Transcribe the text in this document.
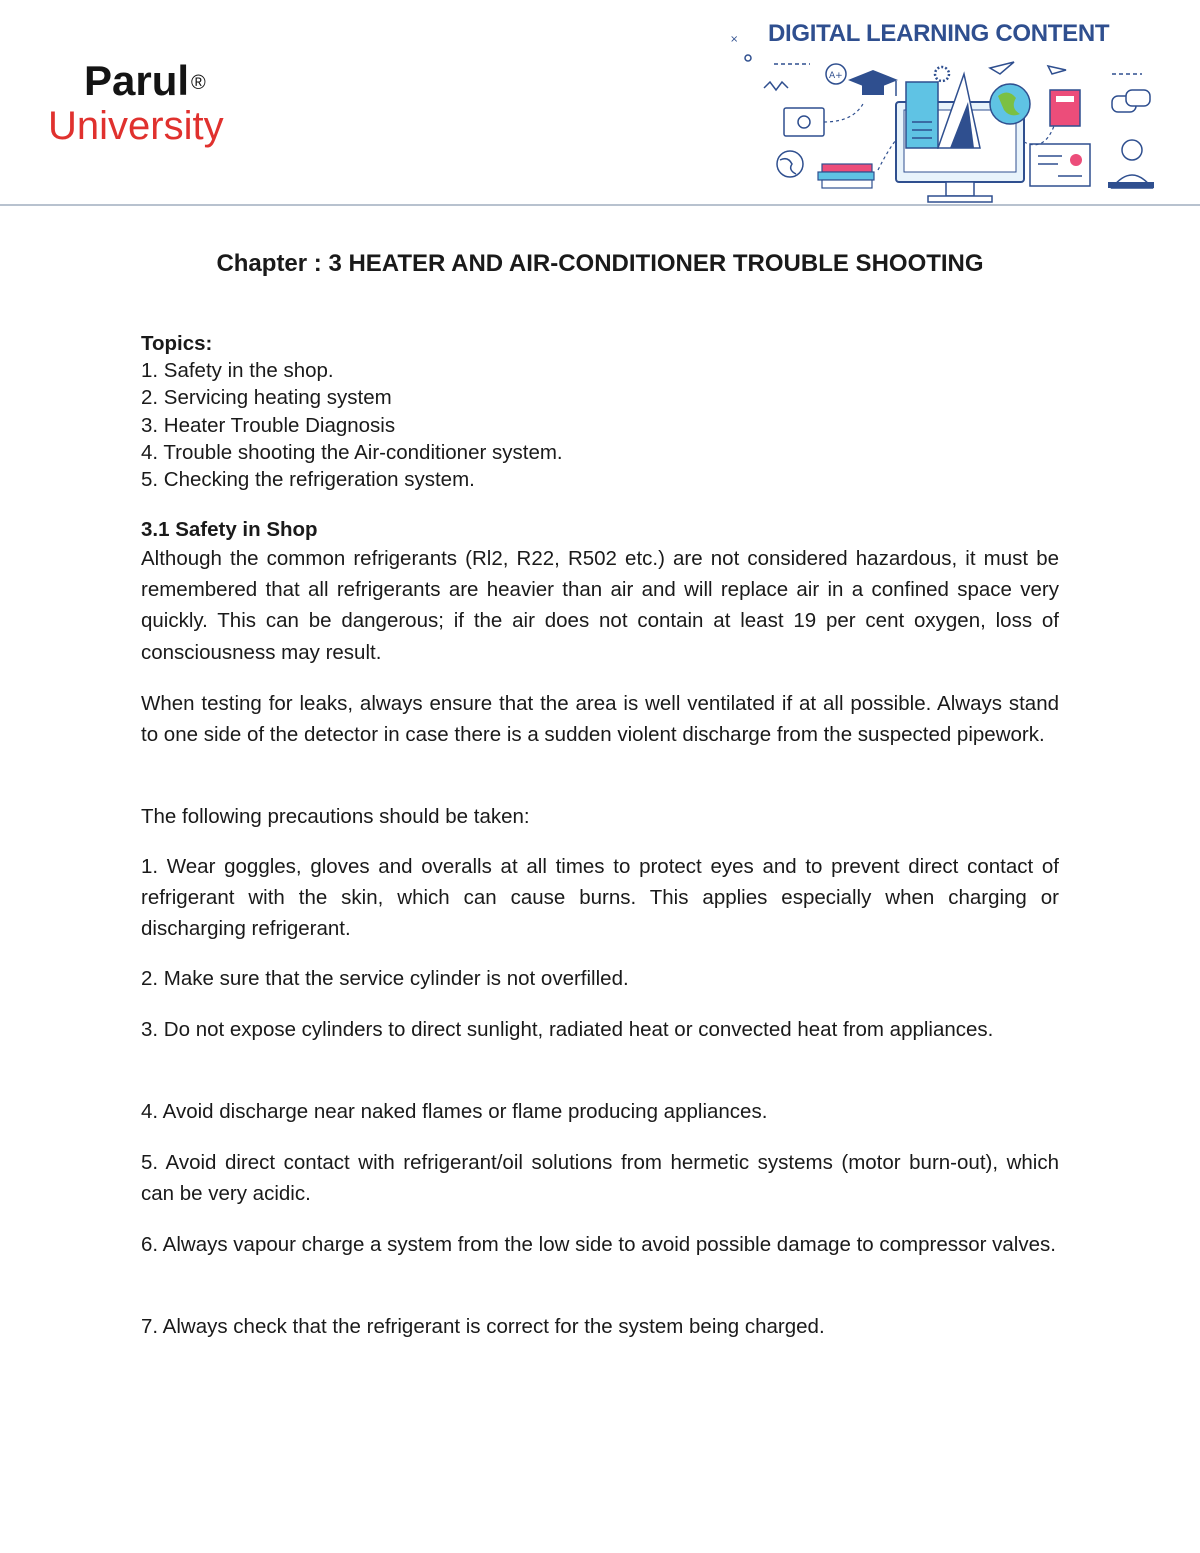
Parul ®
University
DIGITAL LEARNING CONTENT
×
A+
Chapter : 3 HEATER AND AIR-CONDITIONER TROUBLE SHOOTING
Topics:
1. Safety in the shop.
2. Servicing heating system
3. Heater Trouble Diagnosis
4. Trouble shooting the Air-conditioner system.
5. Checking the refrigeration system.
3.1 Safety in Shop
Although the common refrigerants (Rl2, R22, R502 etc.) are not considered hazardous, it must be remembered that all refrigerants are heavier than air and will replace air in a confined space very quickly. This can be dangerous; if the air does not contain at least 19 per cent oxygen, loss of consciousness may result.
When testing for leaks, always ensure that the area is well ventilated if at all possible. Always stand to one side of the detector in case there is a sudden violent discharge from the suspected pipework.
The following precautions should be taken:
1. Wear goggles, gloves and overalls at all times to protect eyes and to prevent direct contact of refrigerant with the skin, which can cause burns. This applies especially when charging or discharging refrigerant.
2. Make sure that the service cylinder is not overfilled.
3. Do not expose cylinders to direct sunlight, radiated heat or convected heat from appliances.
4. Avoid discharge near naked flames or flame producing appliances.
5. Avoid direct contact with refrigerant/oil solutions from hermetic systems (motor burn-out), which can be very acidic.
6. Always vapour charge a system from the low side to avoid possible damage to compressor valves.
7. Always check that the refrigerant is correct for the system being charged.
